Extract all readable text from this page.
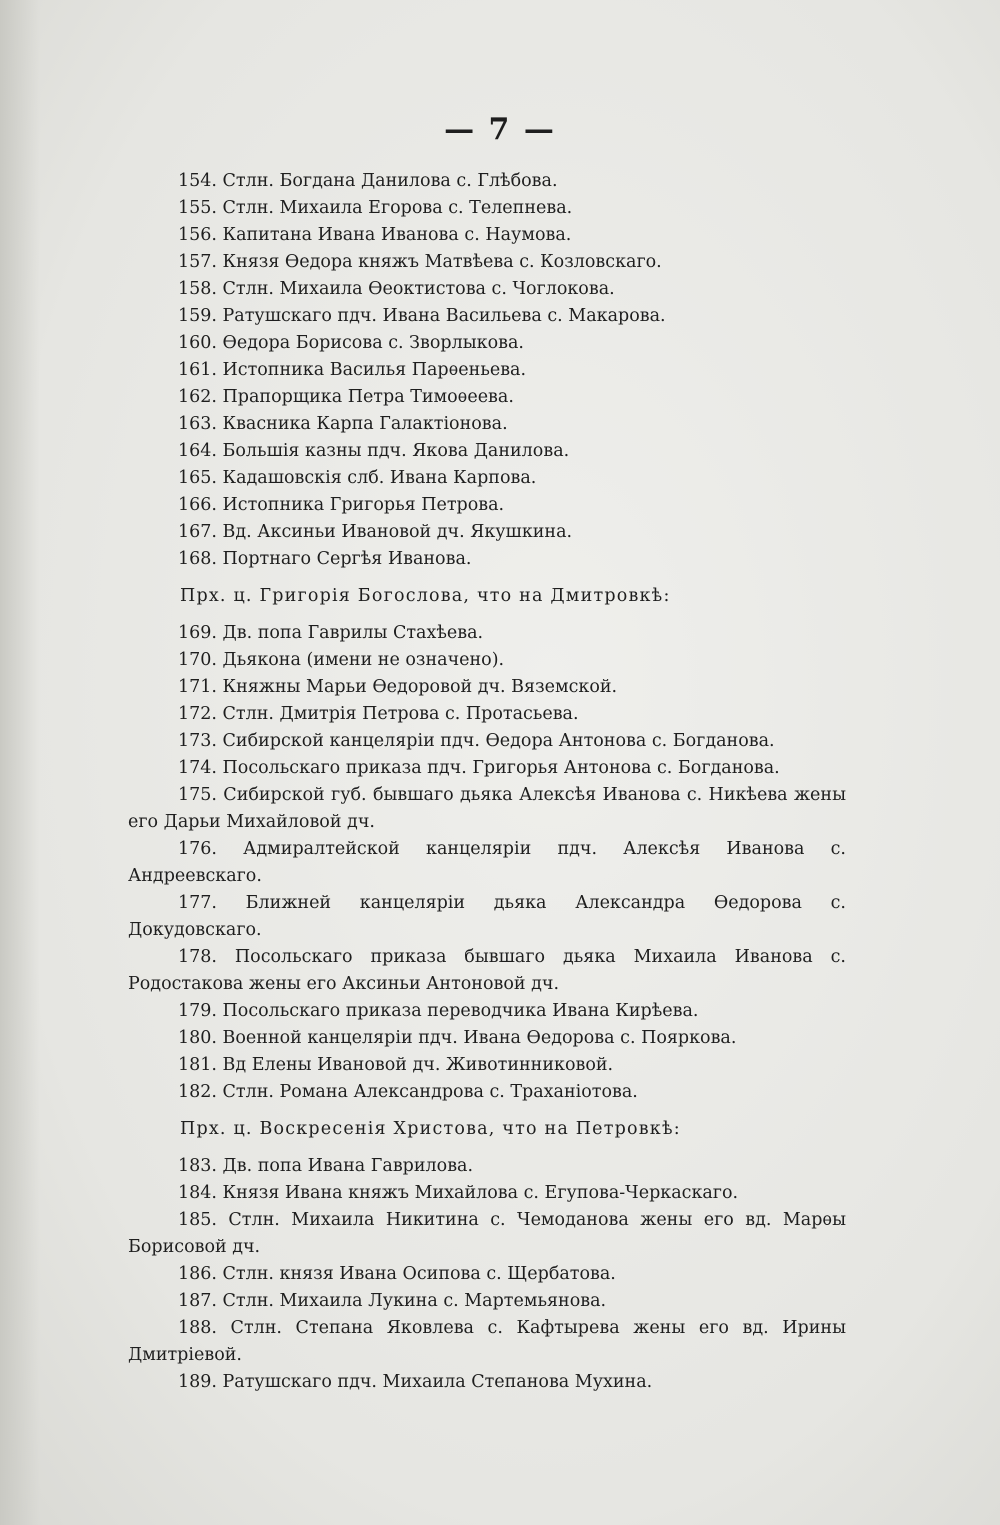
— 7 —

154. Стлн. Богдана Данилова с. Глѣбова.

155. Стлн. Михаила Егорова с. Телепнева.

156. Капитана Ивана Иванова с. Наумова.

157. Князя Ѳедора княжъ Матвѣева с. Козловскаго.

158. Стлн. Михаила Ѳеоктистова с. Чоглокова.

159. Ратушскаго пдч. Ивана Васильева с. Макарова.

160. Ѳедора Борисова с. Зворлыкова.

161. Истопника Василья Парѳеньева.

162. Прапорщика Петра Тимоѳеева.

163. Квасника Карпа Галактіонова.

164. Большія казны пдч. Якова Данилова.

165. Кадашовскія слб. Ивана Карпова.

166. Истопника Григорья Петрова.

167. Вд. Аксиньи Ивановой дч. Якушкина.

168. Портнаго Сергѣя Иванова.

Прх. ц. Григорія Богослова, что на Дмитровкѣ:

169. Дв. попа Гаврилы Стахѣева.

170. Дьякона (имени не означено).

171. Княжны Марьи Ѳедоровой дч. Вяземской.

172. Стлн. Дмитрія Петрова с. Протасьева.

173. Сибирской канцеляріи пдч. Ѳедора Антонова с. Богданова.

174. Посольскаго приказа пдч. Григорья Антонова с. Богданова.

175. Сибирской губ. бывшаго дьяка Алексѣя Иванова с. Никѣева жены его Дарьи Михайловой дч.

176. Адмиралтейской канцеляріи пдч. Алексѣя Иванова с. Андреевскаго.

177. Ближней канцеляріи дьяка Александра Ѳедорова с. Докудовскаго.

178. Посольскаго приказа бывшаго дьяка Михаила Иванова с. Родостакова жены его Аксиньи Антоновой дч.

179. Посольскаго приказа переводчика Ивана Кирѣева.

180. Военной канцеляріи пдч. Ивана Ѳедорова с. Пояркова.

181. Вд Елены Ивановой дч. Животинниковой.

182. Стлн. Романа Александрова с. Траханіотова.

Прх. ц. Воскресенія Христова, что на Петровкѣ:

183. Дв. попа Ивана Гаврилова.

184. Князя Ивана княжъ Михайлова с. Егупова-Черкаскаго.

185. Стлн. Михаила Никитина с. Чемоданова жены его вд. Марѳы Борисовой дч.

186. Стлн. князя Ивана Осипова с. Щербатова.

187. Стлн. Михаила Лукина с. Мартемьянова.

188. Стлн. Степана Яковлева с. Кафтырева жены его вд. Ирины Дмитріевой.

189. Ратушскаго пдч. Михаила Степанова Мухина.
